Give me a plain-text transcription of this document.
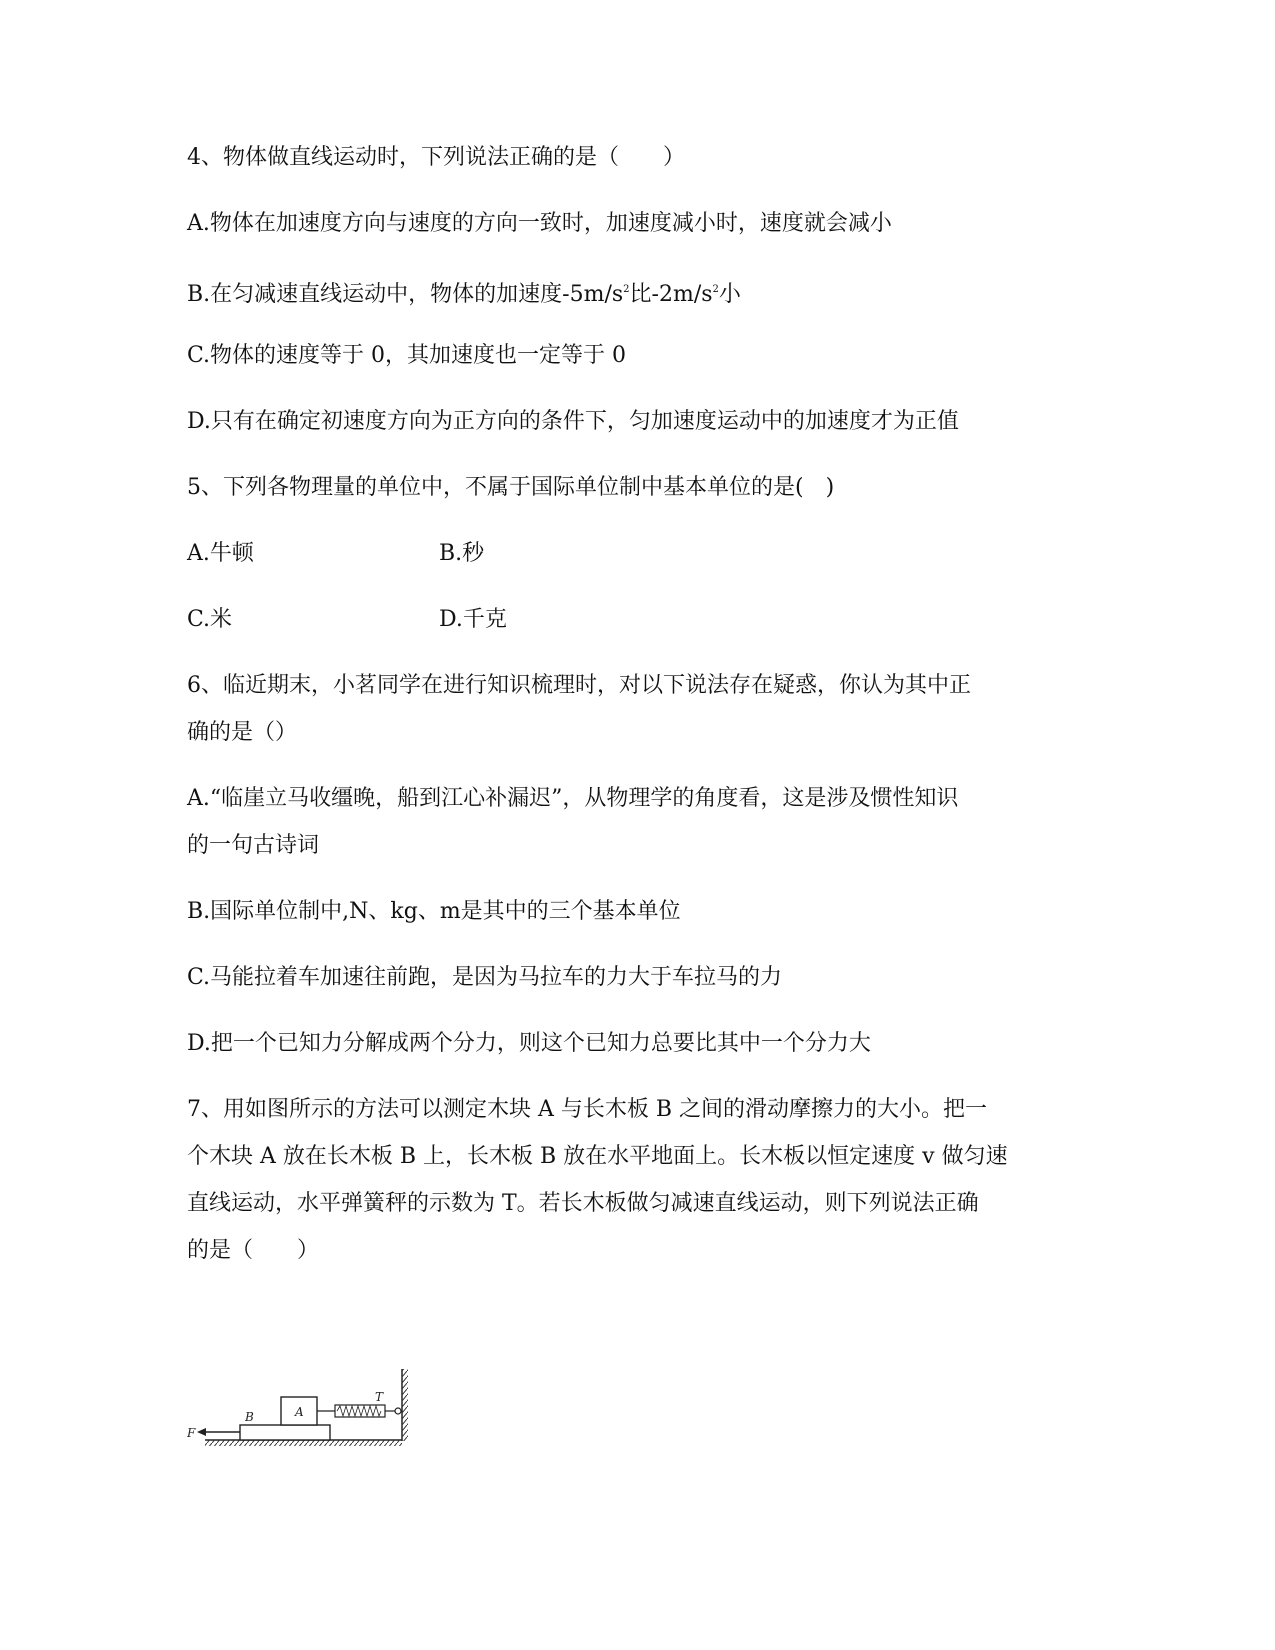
4、物体做直线运动时，下列说法正确的是（　　）
A.物体在加速度方向与速度的方向一致时，加速度减小时，速度就会减小
B.在匀减速直线运动中，物体的加速度$-5m/s^2$比$-2m/s^2$小
C.物体的速度等于 0，其加速度也一定等于 0
D.只有在确定初速度方向为正方向的条件下，匀加速度运动中的加速度才为正值
5、下列各物理量的单位中，不属于国际单位制中基本单位的是(　)
A.牛顿	B.秒
C.米	D.千克
6、临近期末，小茗同学在进行知识梳理时，对以下说法存在疑惑，你认为其中正
确的是（）
A.“临崖立马收缰晚，船到江心补漏迟”，从物理学的角度看，这是涉及惯性知识
的一句古诗词
B.国际单位制中,N、kg、m是其中的三个基本单位
C.马能拉着车加速往前跑，是因为马拉车的力大于车拉马的力
D.把一个已知力分解成两个分力，则这个已知力总要比其中一个分力大
7、用如图所示的方法可以测定木块 A 与长木板 B 之间的滑动摩擦力的大小。把一
个木块 A 放在长木板 B 上，长木板 B 放在水平地面上。长木板以恒定速度 v 做匀速
直线运动，水平弹簧秤的示数为 T。若长木板做匀减速直线运动，则下列说法正确
的是（　　）
A
B
F
T
